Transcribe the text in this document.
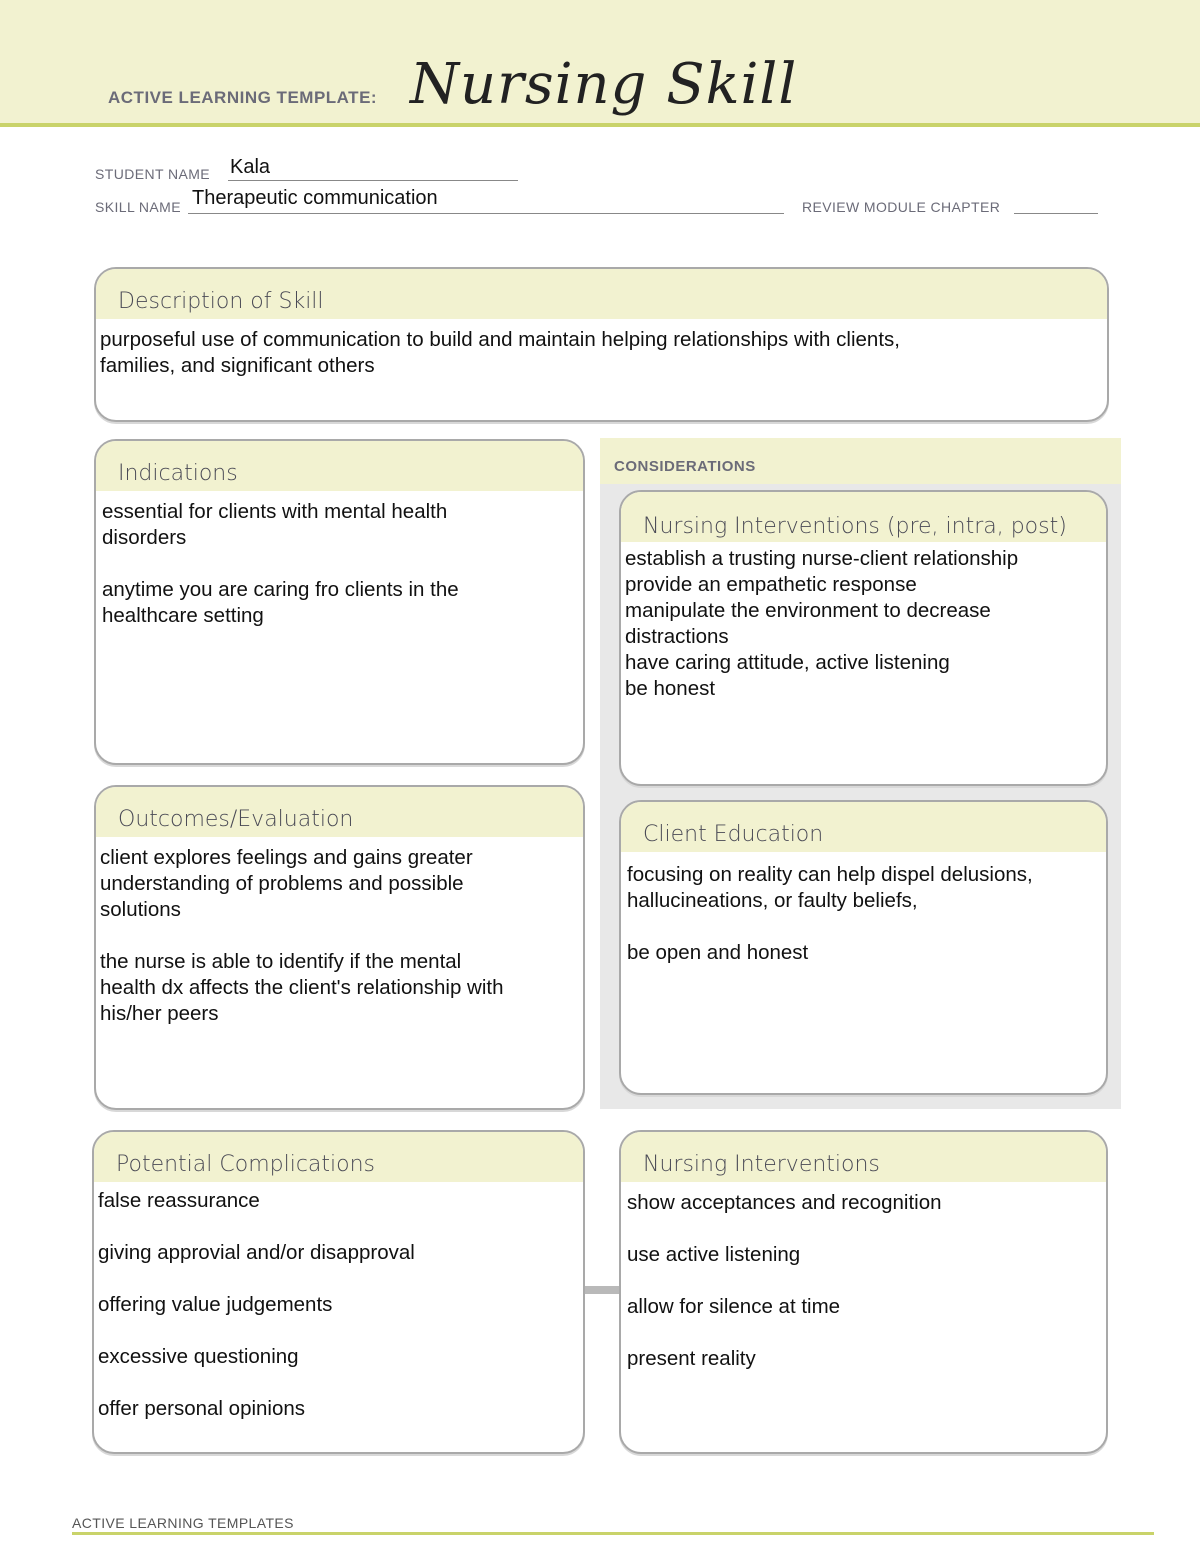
ACTIVE LEARNING TEMPLATE: Nursing Skill
STUDENT NAME Kala
SKILL NAME Therapeutic communication	REVIEW MODULE CHAPTER
Description of Skill

purposeful use of communication to build and maintain helping relationships with clients,

families, and significant others

Indications

essential for clients with mental health

disorders

anytime you are caring fro clients in the

healthcare setting

CONSIDERATIONS
Nursing Interventions (pre, intra, post)

establish a trusting nurse-client relationship

provide an empathetic response

manipulate the environment to decrease

distractions

have caring attitude, active listening

be honest

Outcomes/Evaluation

client explores feelings and gains greater

understanding of problems and possible

solutions

the nurse is able to identify if the mental

health dx affects the client's relationship with

his/her peers

Client Education

focusing on reality can help dispel delusions,

hallucineations, or faulty beliefs,

be open and honest

Potential Complications

false reassurance

giving approvial and/or disapproval

offering value judgements

excessive questioning

offer personal opinions

Nursing Interventions

show acceptances and recognition

use active listening

allow for silence at time

present reality

ACTIVE LEARNING TEMPLATES
